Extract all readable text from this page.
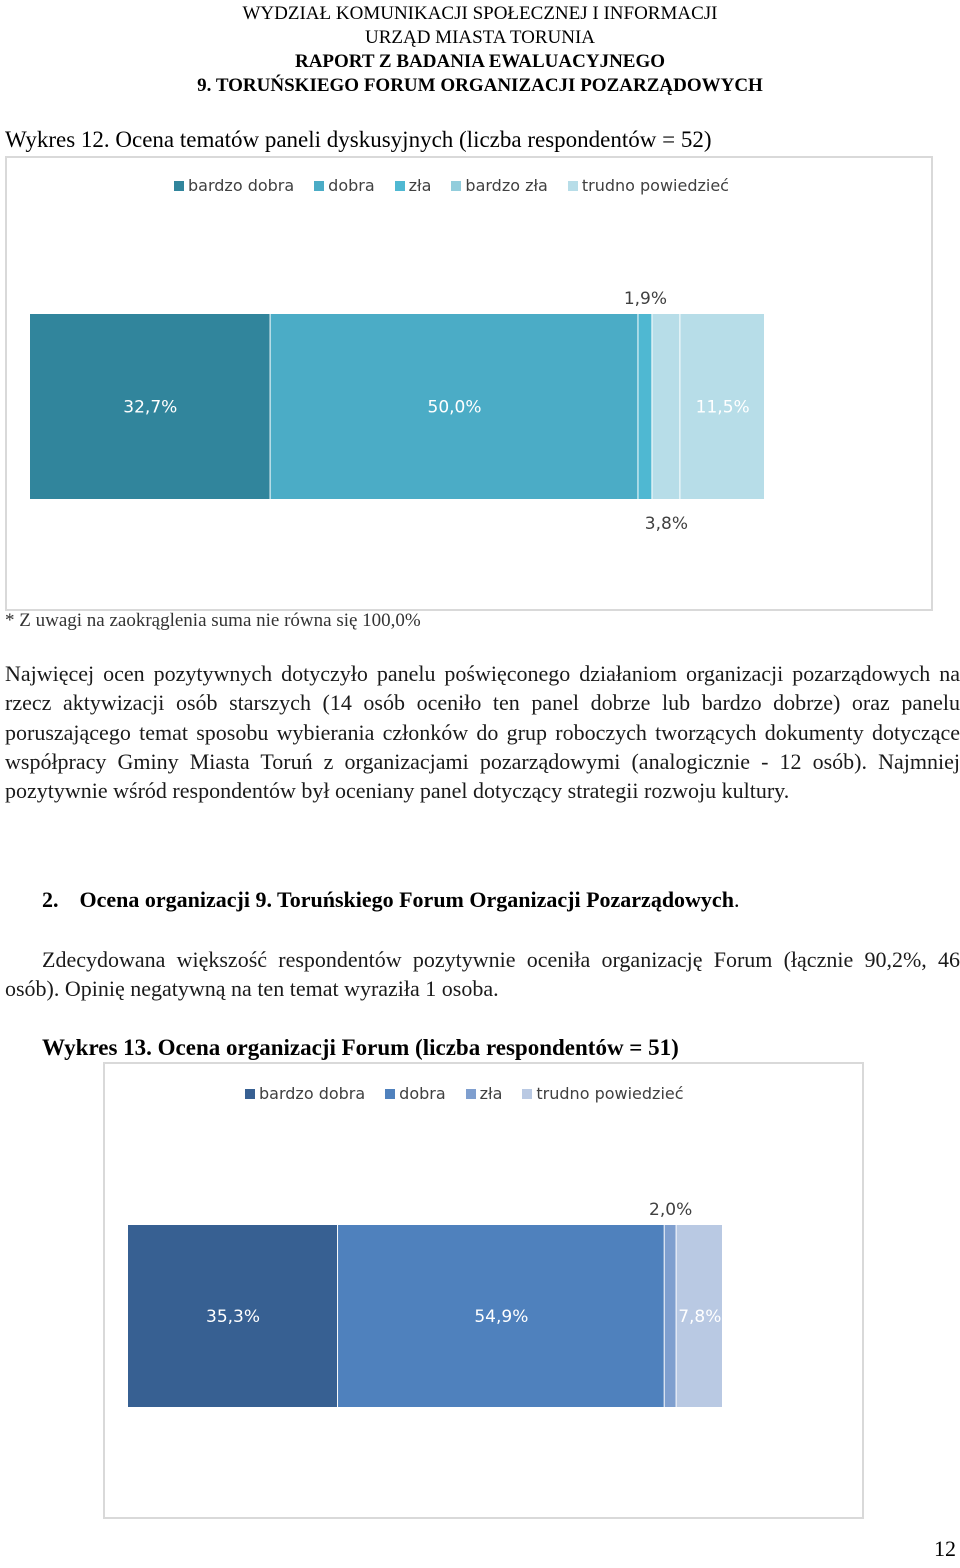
WYDZIAŁ KOMUNIKACJI SPOŁECZNEJ I INFORMACJI
URZĄD MIASTA TORUNIA
RAPORT Z BADANIA EWALUACYJNEGO
9. TORUŃSKIEGO FORUM ORGANIZACJI POZARZĄDOWYCH
Wykres 12. Ocena tematów paneli dyskusyjnych (liczba respondentów = 52)
bardzo dobra dobra zła bardzo zła trudno powiedzieć
32,7%	50,0%
1,9%
3,8%
11,5%
* Z uwagi na zaokrąglenia suma nie równa się 100,0%
Najwięcej ocen pozytywnych dotyczyło panelu poświęconego działaniom organizacji pozarządowych na rzecz aktywizacji osób starszych (14 osób oceniło ten panel dobrze lub bardzo dobrze) oraz panelu poruszającego temat sposobu wybierania członków do grup roboczych tworzących dokumenty dotyczące współpracy Gminy Miasta Toruń z organizacjami pozarządowymi (analogicznie - 12 osób). Najmniej pozytywnie wśród respondentów był oceniany panel dotyczący strategii rozwoju kultury.
2. Ocena organizacji 9. Toruńskiego Forum Organizacji Pozarządowych.
Zdecydowana większość respondentów pozytywnie oceniła organizację Forum (łącznie 90,2%, 46 osób). Opinię negatywną na ten temat wyraziła 1 osoba.
Wykres 13. Ocena organizacji Forum (liczba respondentów = 51)
bardzo dobra dobra zła trudno powiedzieć
35,3%	54,9%
2,0%
7,8%
12
